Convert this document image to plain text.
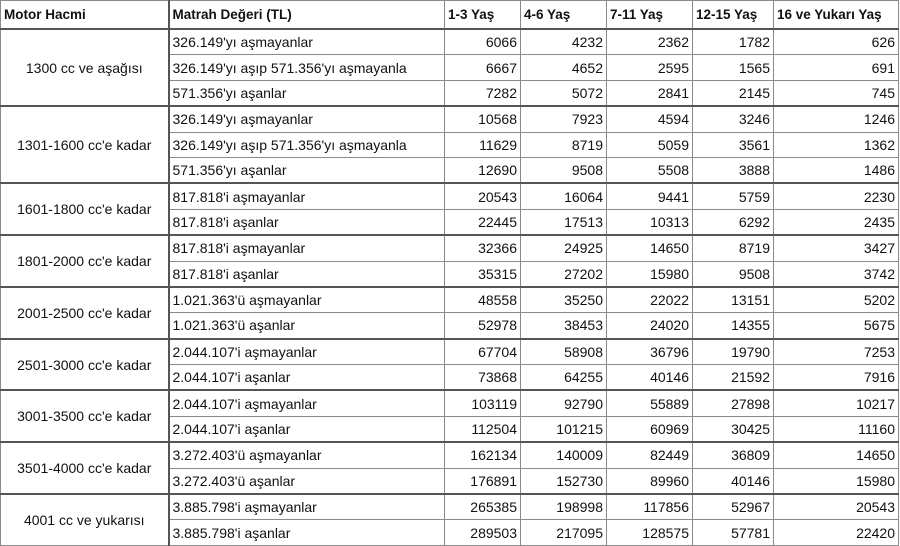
Motor Hacmi	Matrah Değeri (TL)	1-3 Yaş	4-6 Yaş	7-11 Yaş	12-15 Yaş	16 ve Yukarı Yaş
1300 cc ve aşağısı	326.149'yı aşmayanlar	6066	4232	2362	1782	626
	326.149'yı aşıp 571.356'yı aşmayanla	6667	4652	2595	1565	691
	571.356'yı aşanlar	7282	5072	2841	2145	745
1301-1600 cc'e kadar	326.149'yı aşmayanlar	10568	7923	4594	3246	1246
	326.149'yı aşıp 571.356'yı aşmayanla	11629	8719	5059	3561	1362
	571.356'yı aşanlar	12690	9508	5508	3888	1486
1601-1800 cc'e kadar	817.818'i aşmayanlar	20543	16064	9441	5759	2230
	817.818'i aşanlar	22445	17513	10313	6292	2435
1801-2000 cc'e kadar	817.818'i aşmayanlar	32366	24925	14650	8719	3427
	817.818'i aşanlar	35315	27202	15980	9508	3742
2001-2500 cc'e kadar	1.021.363'ü aşmayanlar	48558	35250	22022	13151	5202
	1.021.363'ü aşanlar	52978	38453	24020	14355	5675
2501-3000 cc'e kadar	2.044.107'i aşmayanlar	67704	58908	36796	19790	7253
	2.044.107'i aşanlar	73868	64255	40146	21592	7916
3001-3500 cc'e kadar	2.044.107'i aşmayanlar	103119	92790	55889	27898	10217
	2.044.107'i aşanlar	112504	101215	60969	30425	11160
3501-4000 cc'e kadar	3.272.403'ü aşmayanlar	162134	140009	82449	36809	14650
	3.272.403'ü aşanlar	176891	152730	89960	40146	15980
4001 cc ve yukarısı	3.885.798'i aşmayanlar	265385	198998	117856	52967	20543
	3.885.798'i aşanlar	289503	217095	128575	57781	22420
